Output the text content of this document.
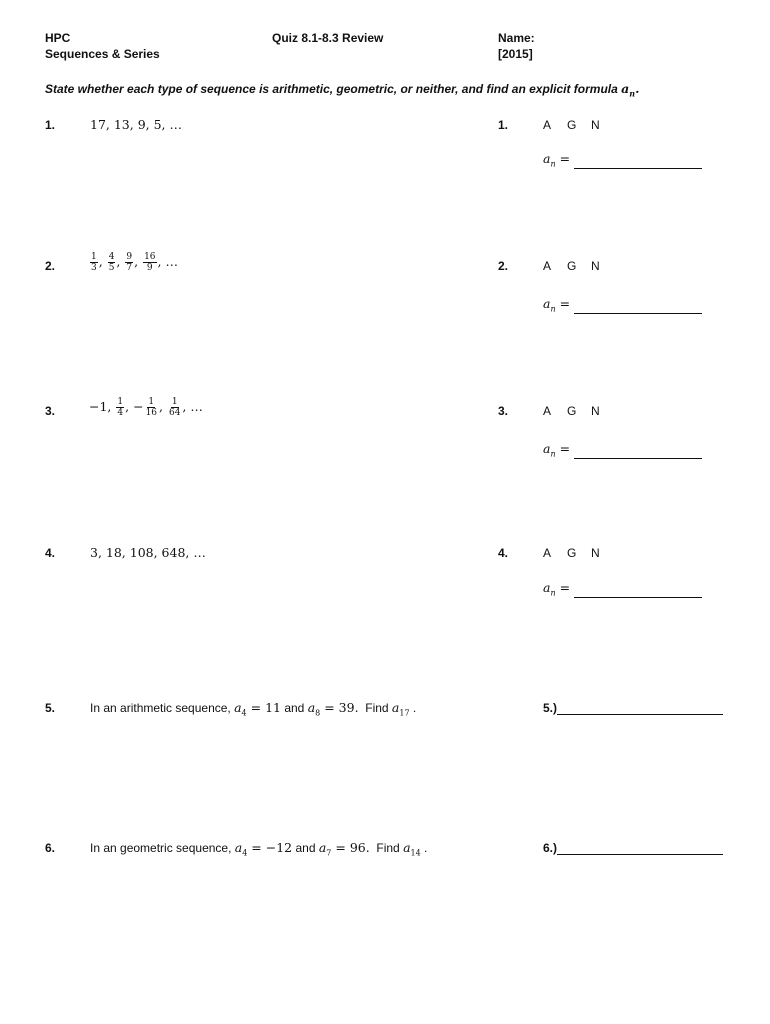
HPC
Sequences & Series
Quiz 8.1-8.3 Review	Name:
[2015]
State whether each type of sequence is arithmetic, geometric, or neither, and find an explicit formula $a_n$.
1.	17, 13, 9, 5, …	1.	A G N
$a_n$ =
2.	$\frac{1}{3}$ , $\frac{4}{5}$ , $\frac{9}{7}$ , $\frac{16}{9}$ , …	2.	A G N
$a_n$ =
3.	−1, $\frac{1}{4}$ , − $\frac{1}{16}$ , $\frac{1}{64}$ , …	3.	A G N
$a_n$ =
4.	3, 18, 108, 648, …	4.	A G N
$a_n$ =
5.	In an arithmetic sequence, $a_4 = 11$ and $a_8 = 39$. Find $a_{17}$ .	5.)
6.	In an geometric sequence, $a_4 = -12$ and $a_7 = 96$. Find $a_{14}$ .	6.)
